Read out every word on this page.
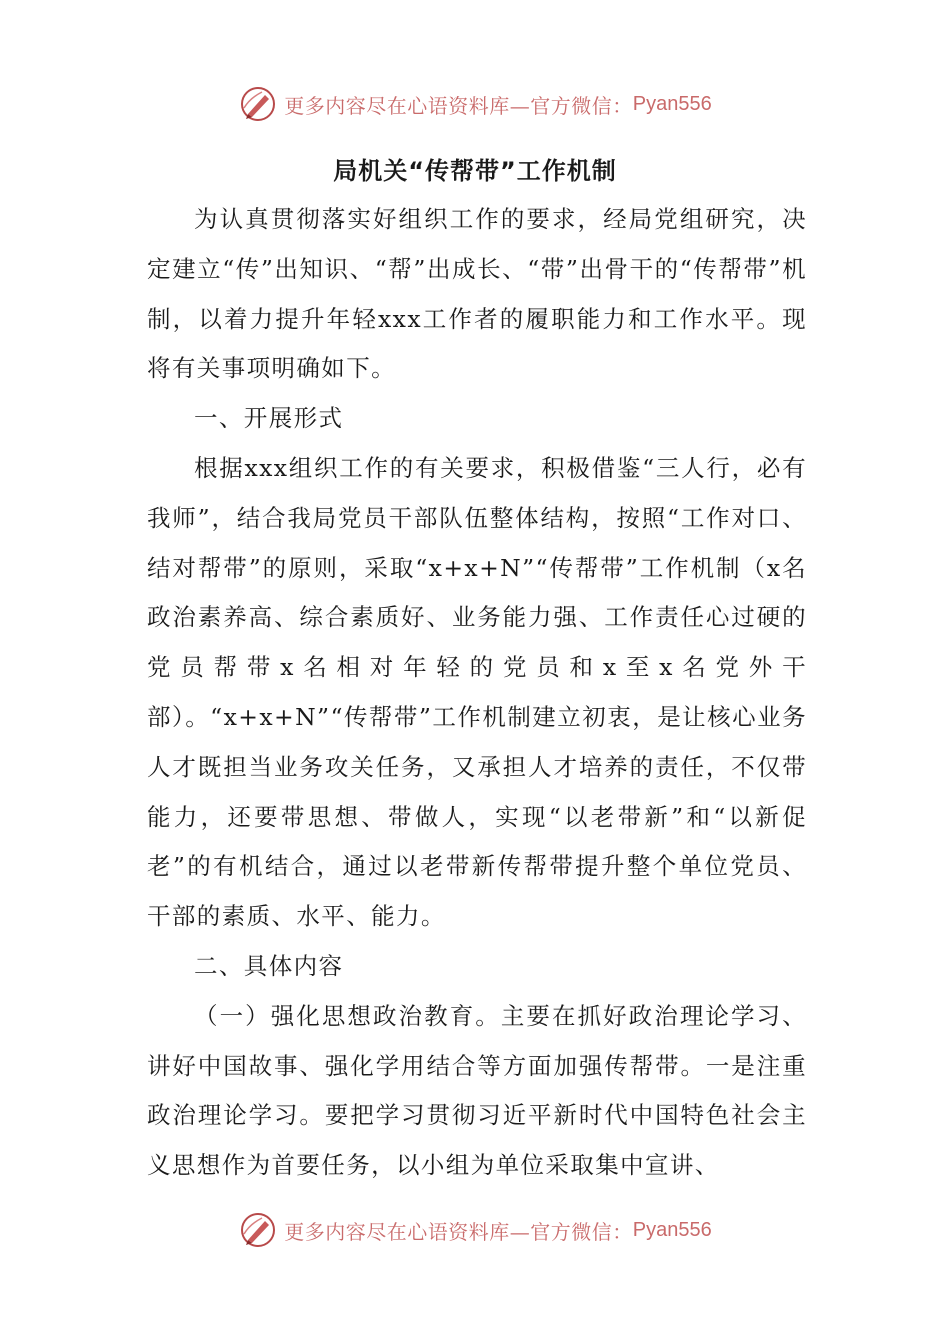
更多内容尽在心语资料库—官方微信： Pyan556
局机关“传帮带”工作机制

为认真贯彻落实好组织工作的要求，经局党组研究，决定建立“传”出知识、“帮”出成长、“带”出骨干的“传帮带”机制，以着力提升年轻xxx工作者的履职能力和工作水平。现将有关事项明确如下。

一、开展形式

根据xxx组织工作的有关要求，积极借鉴“三人行，必有我师”，结合我局党员干部队伍整体结构，按照“工作对口、结对帮带”的原则，采取“x+x+N”“传帮带”工作机制（x名政治素养高、综合素质好、业务能力强、工作责任心过硬的党员帮带x名相对年轻的党员和x至x名党外干部）。“x+x+N”“传帮带”工作机制建立初衷，是让核心业务人才既担当业务攻关任务，又承担人才培养的责任，不仅带能力，还要带思想、带做人，实现“以老带新”和“以新促老”的有机结合，通过以老带新传帮带提升整个单位党员、干部的素质、水平、能力。

二、具体内容

（一）强化思想政治教育。主要在抓好政治理论学习、讲好中国故事、强化学用结合等方面加强传帮带。一是注重政治理论学习。要把学习贯彻习近平新时代中国特色社会主义思想作为首要任务，以小组为单位采取集中宣讲、

更多内容尽在心语资料库—官方微信： Pyan556
